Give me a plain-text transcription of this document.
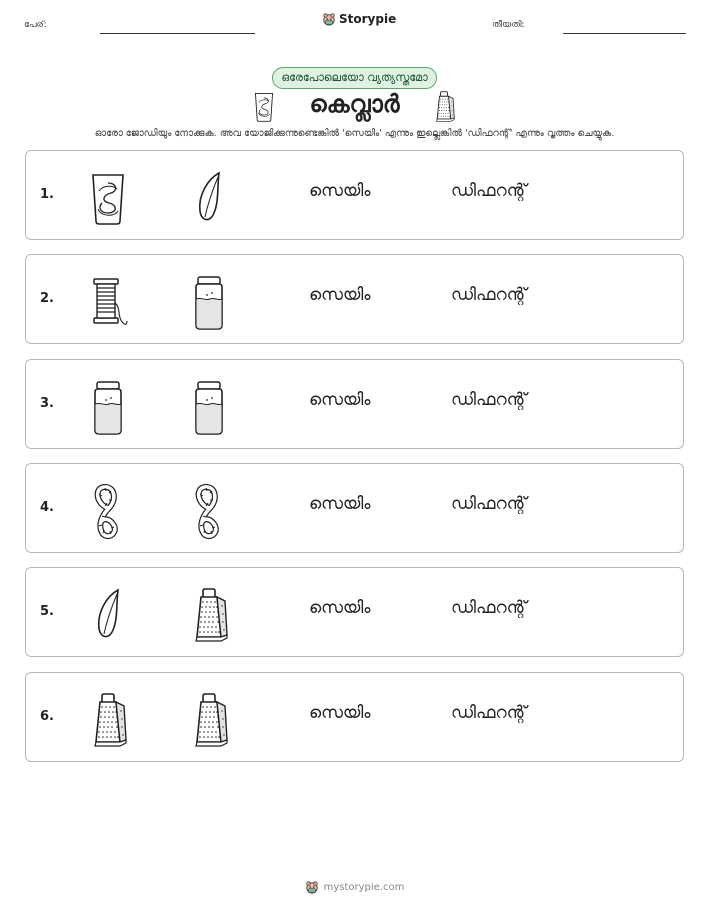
പേര്:	Storypie	തീയതി:
ഒരേപോലെയോ വ്യത്യസ്തമോ
കെവ്ലാർ
ഓരോ ജോഡിയും നോക്കുക. അവ യോജിക്കുന്നുണ്ടെങ്കിൽ 'സെയിം' എന്നും ഇല്ലെങ്കിൽ 'ഡിഫറന്റ്' എന്നും വൃത്തം ചെയ്യുക.
1.	സെയിം	ഡിഫറന്റ്
2.	സെയിം	ഡിഫറന്റ്
3.	സെയിം	ഡിഫറന്റ്
4.	സെയിം	ഡിഫറന്റ്
5.	സെയിം	ഡിഫറന്റ്
6.	സെയിം	ഡിഫറന്റ്
mystorypie.com
